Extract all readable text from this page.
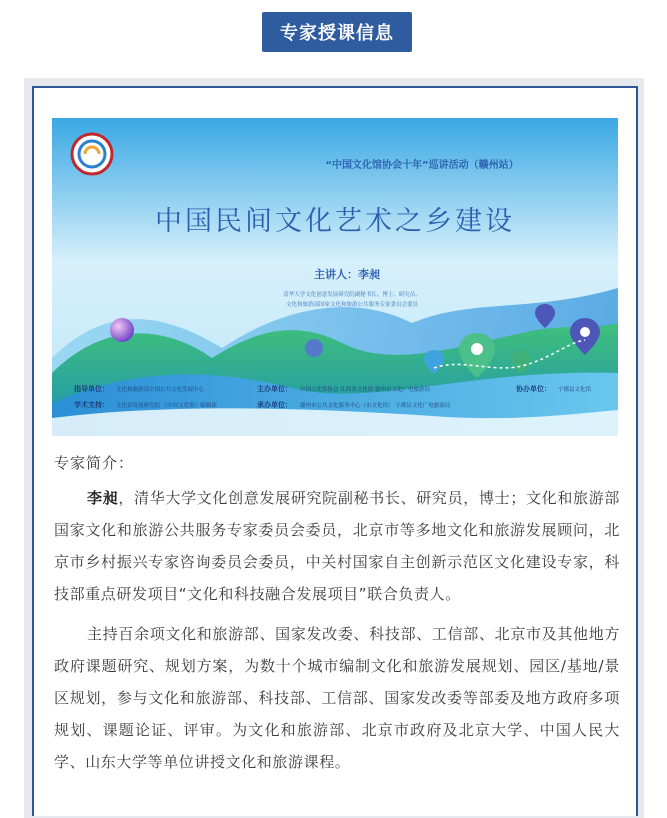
专家授课信息
“中国文化馆协会十年”巡讲活动（赣州站）
中国民间文化艺术之乡建设
主讲人：李昶
清华大学文化创意发展研究院副秘书长、博士、研究员、
文化和旅游部国家文化和旅游公共服务专家委员会委员
指导单位： 文化和旅游部全国公共文化发展中心
学术支持： 文化馆发展研究院 《中国文化馆》编辑部
主办单位： 中国文化馆协会 江西省文化馆 赣州市文化广电旅游局
承办单位： 赣州市公共文化服务中心（市文化馆） 于都县文化广电旅游局
协办单位： 宁都县文化馆
专家简介：

李昶，清华大学文化创意发展研究院副秘书长、研究员，博士；文化和旅游部国家文化和旅游公共服务专家委员会委员，北京市等多地文化和旅游发展顾问，北京市乡村振兴专家咨询委员会委员，中关村国家自主创新示范区文化建设专家，科技部重点研发项目“文化和科技融合发展项目”联合负责人。

主持百余项文化和旅游部、国家发改委、科技部、工信部、北京市及其他地方政府课题研究、规划方案，为数十个城市编制文化和旅游发展规划、园区/基地/景区规划，参与文化和旅游部、科技部、工信部、国家发改委等部委及地方政府多项规划、课题论证、评审。为文化和旅游部、北京市政府及北京大学、中国人民大学、山东大学等单位讲授文化和旅游课程。
